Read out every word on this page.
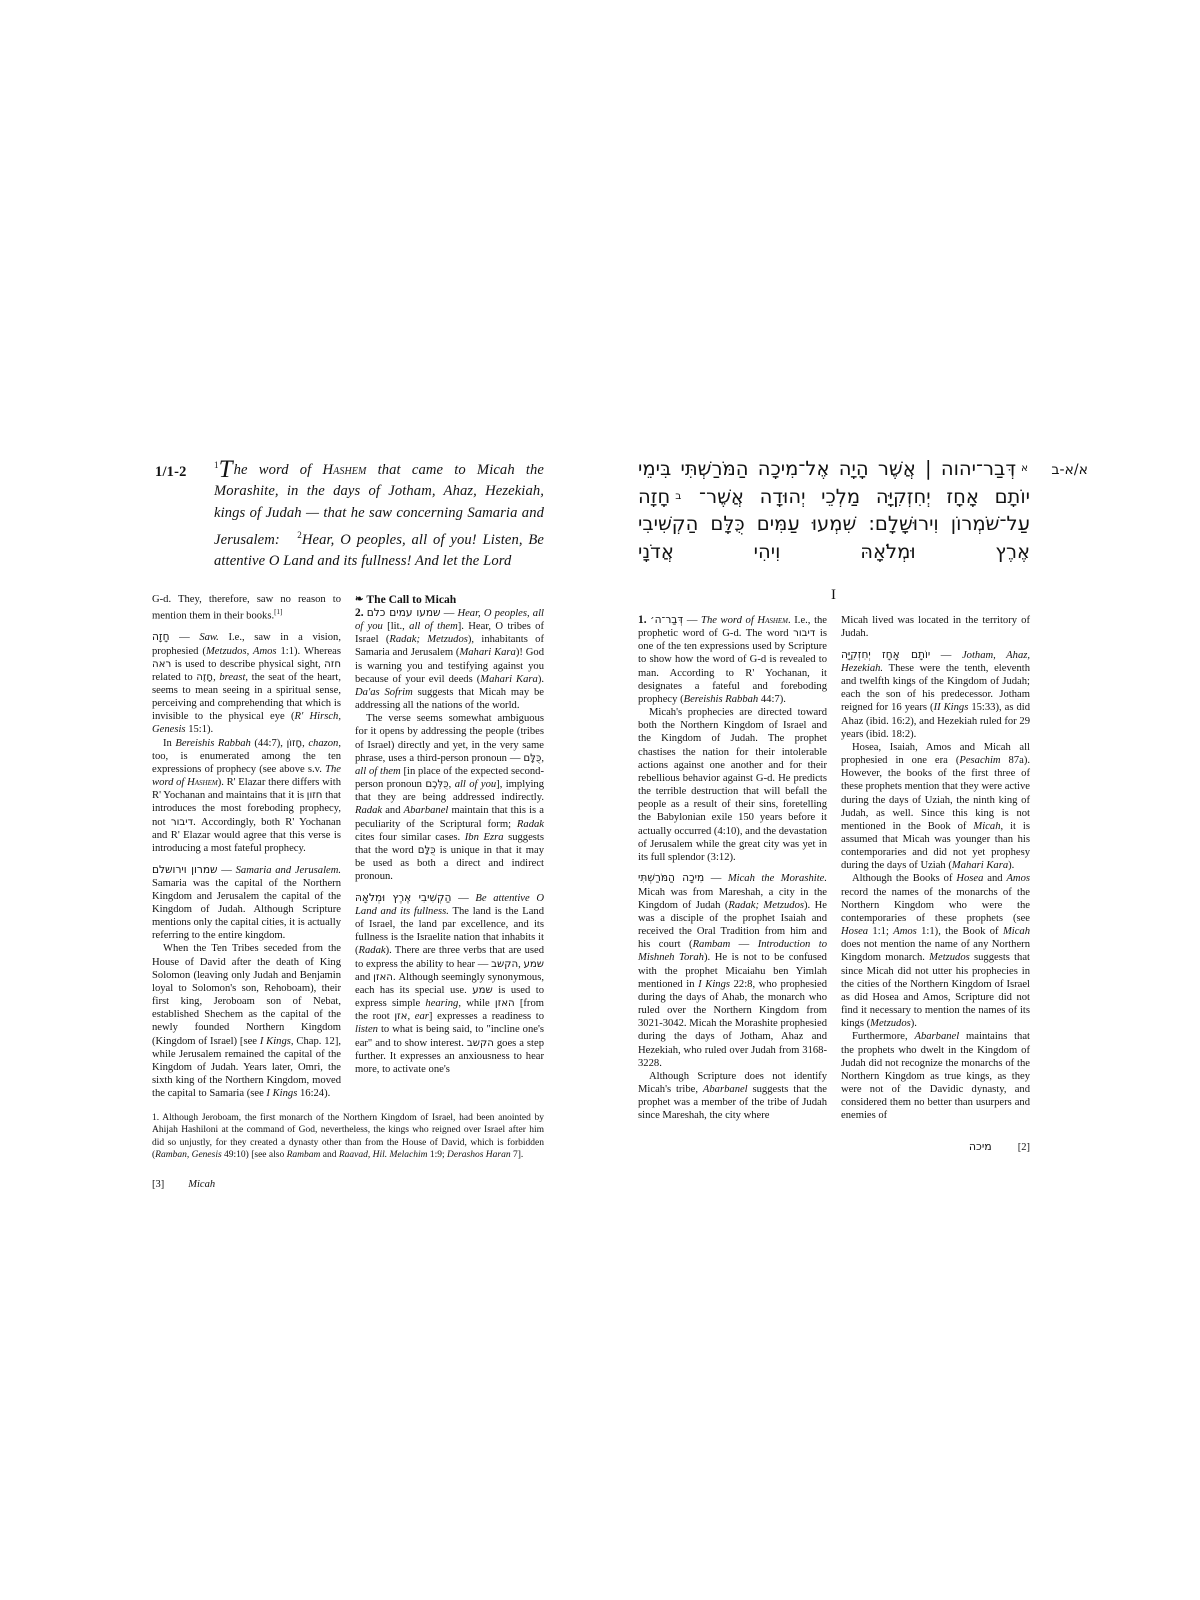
1/1-2	$^1$The word of Hashem that came to Micah the Morashite, in the days of Jotham, Ahaz, Hezekiah, kings of Judah — that he saw concerning Samaria and Jerusalem: $^2$Hear, O peoples, all of you! Listen, Be attentive O Land and its fullness! And let the Lord

G-d. They, therefore, saw no reason to mention them in their books.[1]

חָזָה — Saw. I.e., saw in a vision, prophesied (Metzudos, Amos 1:1). Whereas ראה is used to describe physical sight, חזה related to חָזֶה, breast, the seat of the heart, seems to mean seeing in a spiritual sense, perceiving and comprehending that which is invisible to the physical eye (R' Hirsch, Genesis 15:1).

In Bereishis Rabbah (44:7), חָזוֹן, chazon, too, is enumerated among the ten expressions of prophecy (see above s.v. The word of Hashem). R' Elazar there differs with R' Yochanan and maintains that it is חזון that introduces the most foreboding prophecy, not דיבור. Accordingly, both R' Yochanan and R' Elazar would agree that this verse is introducing a most fateful prophecy.

שמרון וירושלם — Samaria and Jerusalem. Samaria was the capital of the Northern Kingdom and Jerusalem the capital of the Kingdom of Judah. Although Scripture mentions only the capital cities, it is actually referring to the entire kingdom.

When the Ten Tribes seceded from the House of David after the death of King Solomon (leaving only Judah and Benjamin loyal to Solomon's son, Rehoboam), their first king, Jeroboam son of Nebat, established Shechem as the capital of the newly founded Northern Kingdom (Kingdom of Israel) [see I Kings, Chap. 12], while Jerusalem remained the capital of the Kingdom of Judah. Years later, Omri, the sixth king of the Northern Kingdom, moved the capital to Samaria (see I Kings 16:24).

❧ The Call to Micah

2. שמעו עמים כלם — Hear, O peoples, all of you [lit., all of them]. Hear, O tribes of Israel (Radak; Metzudos), inhabitants of Samaria and Jerusalem (Mahari Kara)! God is warning you and testifying against you because of your evil deeds (Mahari Kara). Da'as Sofrim suggests that Micah may be addressing all the nations of the world.

The verse seems somewhat ambiguous for it opens by addressing the people (tribes of Israel) directly and yet, in the very same phrase, uses a third-person pronoun — כֻּלָּם, all of them [in place of the expected second-person pronoun כֻּלְּכֶם, all of you], implying that they are being addressed indirectly. Radak and Abarbanel maintain that this is a peculiarity of the Scriptural form; Radak cites four similar cases. Ibn Ezra suggests that the word כֻּלָּם is unique in that it may be used as both a direct and indirect pronoun.

הַקְשִׁיבִי אֶרֶץ וּמְלֹאָהּ — Be attentive O Land and its fullness. The land is the Land of Israel, the land par excellence, and its fullness is the Israelite nation that inhabits it (Radak). There are three verbs that are used to express the ability to hear — הקשב, שמע and האזן. Although seemingly synonymous, each has its special use. שמע is used to express simple hearing, while האזן [from the root אזן, ear] expresses a readiness to listen to what is being said, to "incline one's ear" and to show interest. הקשב goes a step further. It expresses an anxiousness to hear more, to activate one's

1. Although Jeroboam, the first monarch of the Northern Kingdom of Israel, had been anointed by Ahijah Hashiloni at the command of God, nevertheless, the kings who reigned over Israel after him did so unjustly, for they created a dynasty other than from the House of David, which is forbidden (Ramban, Genesis 49:10) [see also Rambam and Raavad, Hil. Melachim 1:9; Derashos Haran 7].

[3]	Micah
א/א-ב
$^א$דְּבַר־יהוה | אֲשֶׁר הָיָה אֶל־מִיכָה הַמֹּרַשְׁתִּי בִּימֵי יוֹתָם אָחָז יְחִזְקִיָּה מַלְכֵי יְהוּדָה אֲשֶׁר־ $^ב$חָזָה עַל־שֹׁמְרוֹן וִירוּשָׁלָם: שִׁמְעוּ עַמִּים כֻּלָּם הַקְשִׁיבִי אֶרֶץ וּמְלֹאָהּ וִיהִי אֲדֹנָי
I

1. דְּבַר־ה׳ — The word of Hashem. I.e., the prophetic word of G-d. The word דיבור is one of the ten expressions used by Scripture to show how the word of G-d is revealed to man. According to R' Yochanan, it designates a fateful and foreboding prophecy (Bereishis Rabbah 44:7).

Micah's prophecies are directed toward both the Northern Kingdom of Israel and the Kingdom of Judah. The prophet chastises the nation for their intolerable actions against one another and for their rebellious behavior against G-d. He predicts the terrible destruction that will befall the people as a result of their sins, foretelling the Babylonian exile 150 years before it actually occurred (4:10), and the devastation of Jerusalem while the great city was yet in its full splendor (3:12).

מִיכָה הַמֹּרַשְׁתִּי — Micah the Morashite. Micah was from Mareshah, a city in the Kingdom of Judah (Radak; Metzudos). He was a disciple of the prophet Isaiah and received the Oral Tradition from him and his court (Rambam — Introduction to Mishneh Torah). He is not to be confused with the prophet Micaiahu ben Yimlah mentioned in I Kings 22:8, who prophesied during the days of Ahab, the monarch who ruled over the Northern Kingdom from 3021-3042. Micah the Morashite prophesied during the days of Jotham, Ahaz and Hezekiah, who ruled over Judah from 3168-3228.

Although Scripture does not identify Micah's tribe, Abarbanel suggests that the prophet was a member of the tribe of Judah since Mareshah, the city where

Micah lived was located in the territory of Judah.

יוֹתָם אָחָז יְחִזְקִיָּה — Jotham, Ahaz, Hezekiah. These were the tenth, eleventh and twelfth kings of the Kingdom of Judah; each the son of his predecessor. Jotham reigned for 16 years (II Kings 15:33), as did Ahaz (ibid. 16:2), and Hezekiah ruled for 29 years (ibid. 18:2).

Hosea, Isaiah, Amos and Micah all prophesied in one era (Pesachim 87a). However, the books of the first three of these prophets mention that they were active during the days of Uziah, the ninth king of Judah, as well. Since this king is not mentioned in the Book of Micah, it is assumed that Micah was younger than his contemporaries and did not yet prophesy during the days of Uziah (Mahari Kara).

Although the Books of Hosea and Amos record the names of the monarchs of the Northern Kingdom who were the contemporaries of these prophets (see Hosea 1:1; Amos 1:1), the Book of Micah does not mention the name of any Northern Kingdom monarch. Metzudos suggests that since Micah did not utter his prophecies in the cities of the Northern Kingdom of Israel as did Hosea and Amos, Scripture did not find it necessary to mention the names of its kings (Metzudos).

Furthermore, Abarbanel maintains that the prophets who dwelt in the Kingdom of Judah did not recognize the monarchs of the Northern Kingdom as true kings, as they were not of the Davidic dynasty, and considered them no better than usurpers and enemies of

מיכה	[2]
